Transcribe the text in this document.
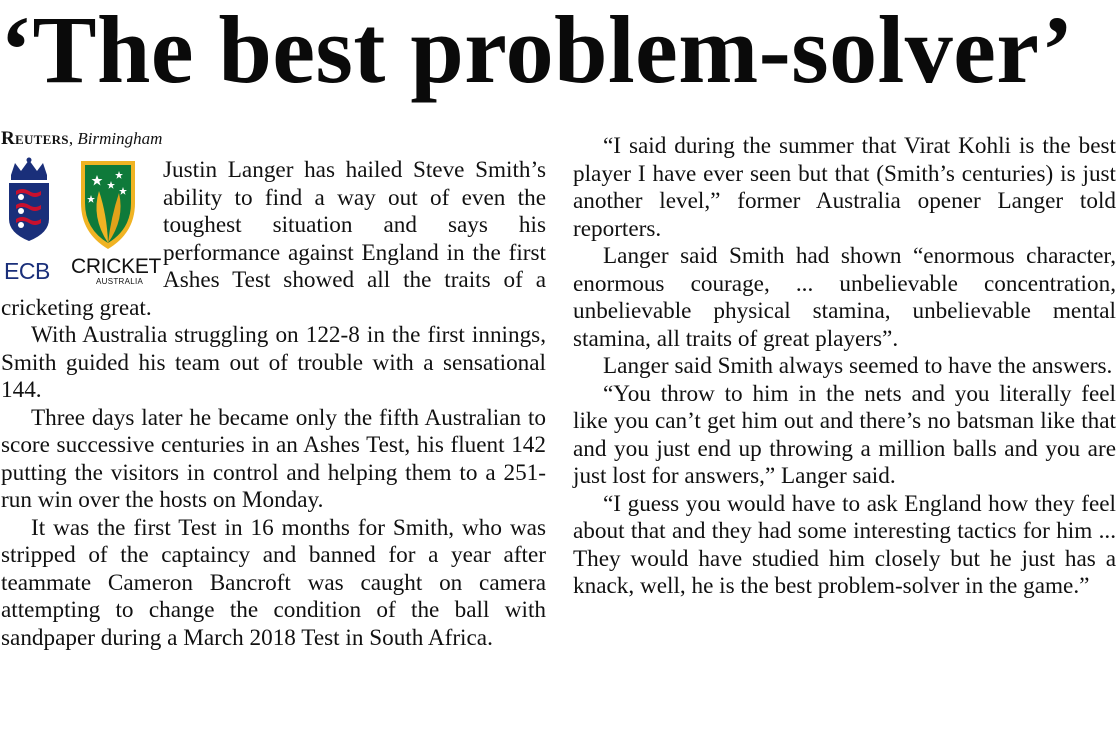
‘The best problem-solver’
Reuters, Birmingham
ECB CRICKET
AUSTRALIA

Justin Langer has hailed Steve Smith’s ability to find a way out of even the toughest situation and says his performance against England in the first Ashes Test showed all the traits of a cricketing great.

With Australia struggling on 122-8 in the first innings, Smith guided his team out of trouble with a sensational 144.

Three days later he became only the fifth Australian to score successive centuries in an Ashes Test, his fluent 142 putting the visitors in control and helping them to a 251-run win over the hosts on Monday.

It was the first Test in 16 months for Smith, who was stripped of the captaincy and banned for a year after teammate Cameron Bancroft was caught on camera attempting to change the condition of the ball with sandpaper during a March 2018 Test in South Africa.

“I said during the summer that Virat Kohli is the best player I have ever seen but that (Smith’s centuries) is just another level,” former Australia opener Langer told reporters.

Langer said Smith had shown “enormous character, enormous courage, ... unbelievable concentration, unbelievable physical stamina, unbelievable mental stamina, all traits of great players”.

Langer said Smith always seemed to have the answers.

“You throw to him in the nets and you literally feel like you can’t get him out and there’s no batsman like that and you just end up throwing a million balls and you are just lost for answers,” Langer said.

“I guess you would have to ask England how they feel about that and they had some interesting tactics for him ... They would have studied him closely but he just has a knack, well, he is the best problem-solver in the game.”
